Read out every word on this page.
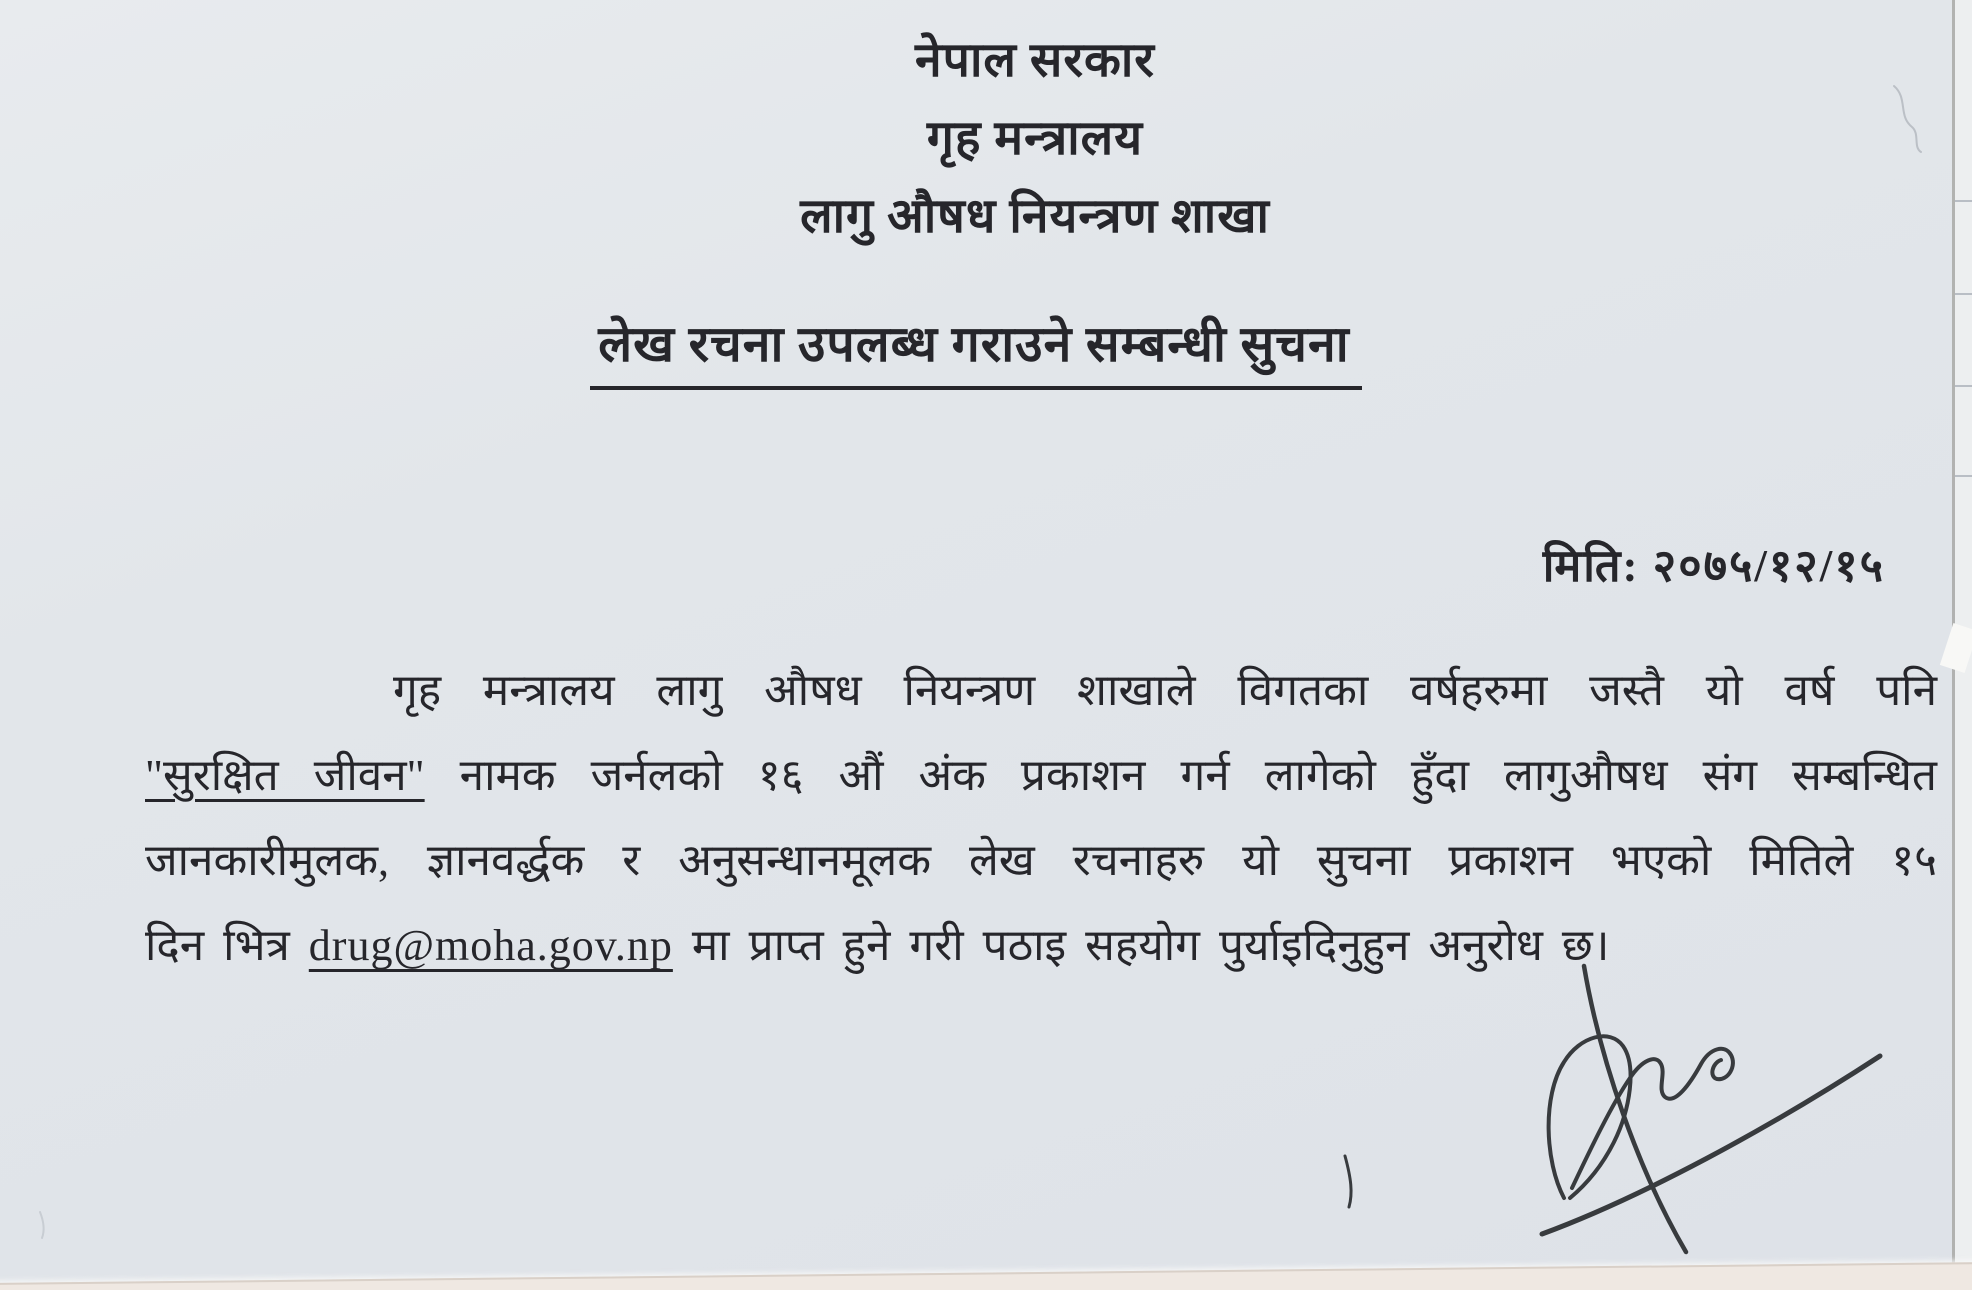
नेपाल सरकार
गृह मन्त्रालय
लागु औषध नियन्त्रण शाखा
लेख रचना उपलब्ध गराउने सम्बन्धी सुचना
मिति: २०७५/१२/१५
गृह मन्त्रालय लागु औषध नियन्त्रण शाखाले विगतका वर्षहरुमा जस्तै यो वर्ष पनि
"सुरक्षित जीवन" नामक जर्नलको १६ औं अंक प्रकाशन गर्न लागेको हुँदा लागुऔषध संग सम्बन्धित
जानकारीमुलक, ज्ञानवर्द्धक र अनुसन्धानमूलक लेख रचनाहरु यो सुचना प्रकाशन भएको मितिले १५
दिन भित्र drug@moha.gov.np मा प्राप्त हुने गरी पठाइ सहयोग पुर्याइदिनुहुन अनुरोध छ।
